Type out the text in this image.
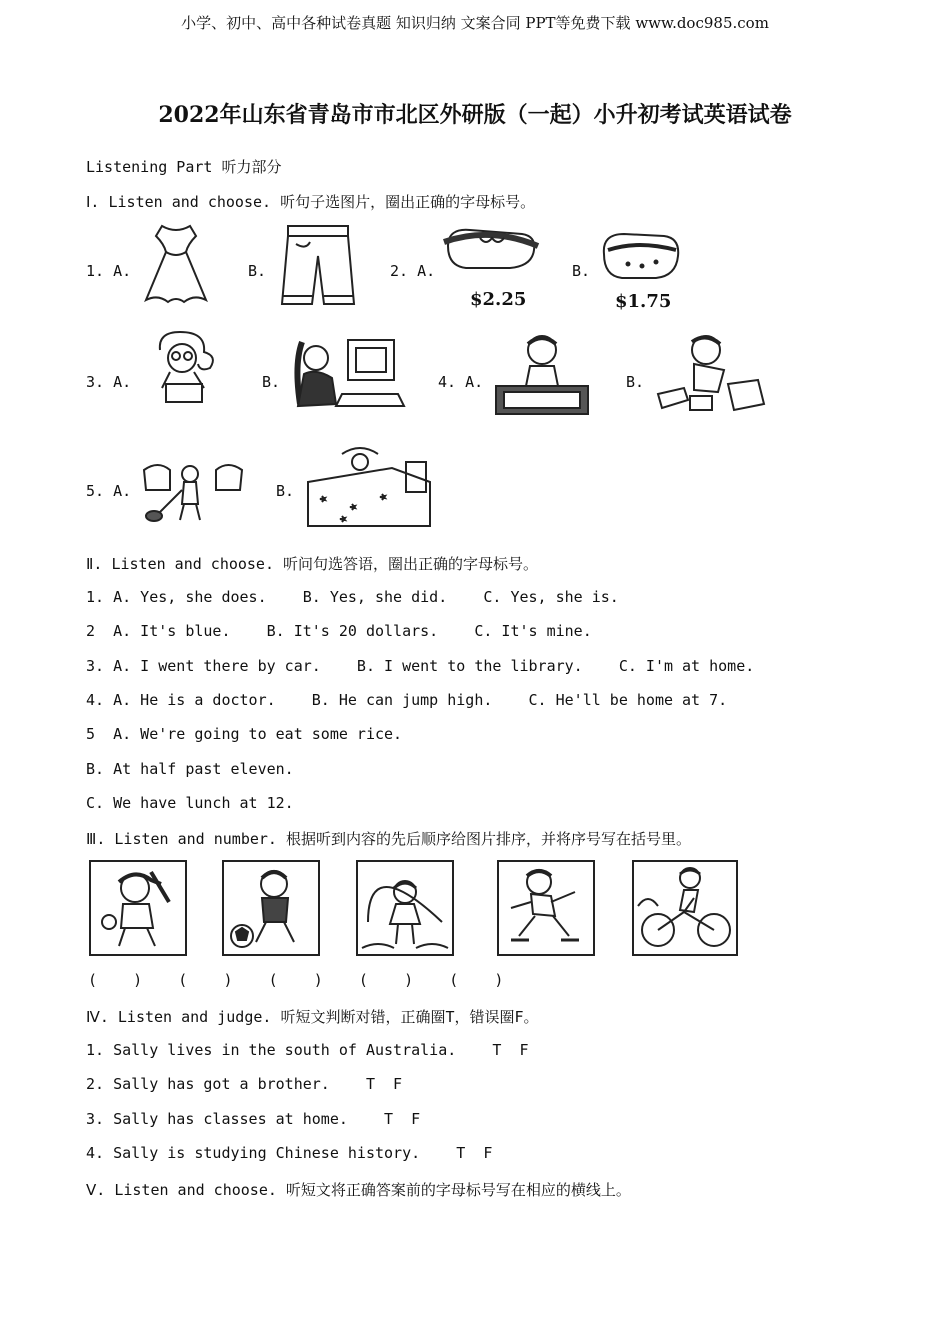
小学、初中、高中各种试卷真题 知识归纳 文案合同 PPT等免费下载 www.doc985.com
2022年山东省青岛市市北区外研版（一起）小升初考试英语试卷
Listening Part 听力部分
Ⅰ. Listen and choose. 听句子选图片，圈出正确的字母标号。
1. A.	B.	2. A.
$2.25
B.
$1.75
3. A.	B.	4. A.	B.
5. A.	B.
Ⅱ. Listen and choose. 听问句选答语，圈出正确的字母标号。
1. A. Yes, she does.    B. Yes, she did.    C. Yes, she is.
2  A. It's blue.    B. It's 20 dollars.    C. It's mine.
3. A. I went there by car.    B. I went to the library.    C. I'm at home.
4. A. He is a doctor.    B. He can jump high.    C. He'll be home at 7.
5  A. We're going to eat some rice.
B. At half past eleven.
C. We have lunch at 12.
Ⅲ. Listen and number. 根据听到内容的先后顺序给图片排序，并将序号写在括号里。
(    )    (    )    (    )    (    )    (    )
Ⅳ. Listen and judge. 听短文判断对错，正确圈T，错误圈F。
1. Sally lives in the south of Australia.    T  F
2. Sally has got a brother.    T  F
3. Sally has classes at home.    T  F
4. Sally is studying Chinese history.    T  F
Ⅴ. Listen and choose. 听短文将正确答案前的字母标号写在相应的横线上。
